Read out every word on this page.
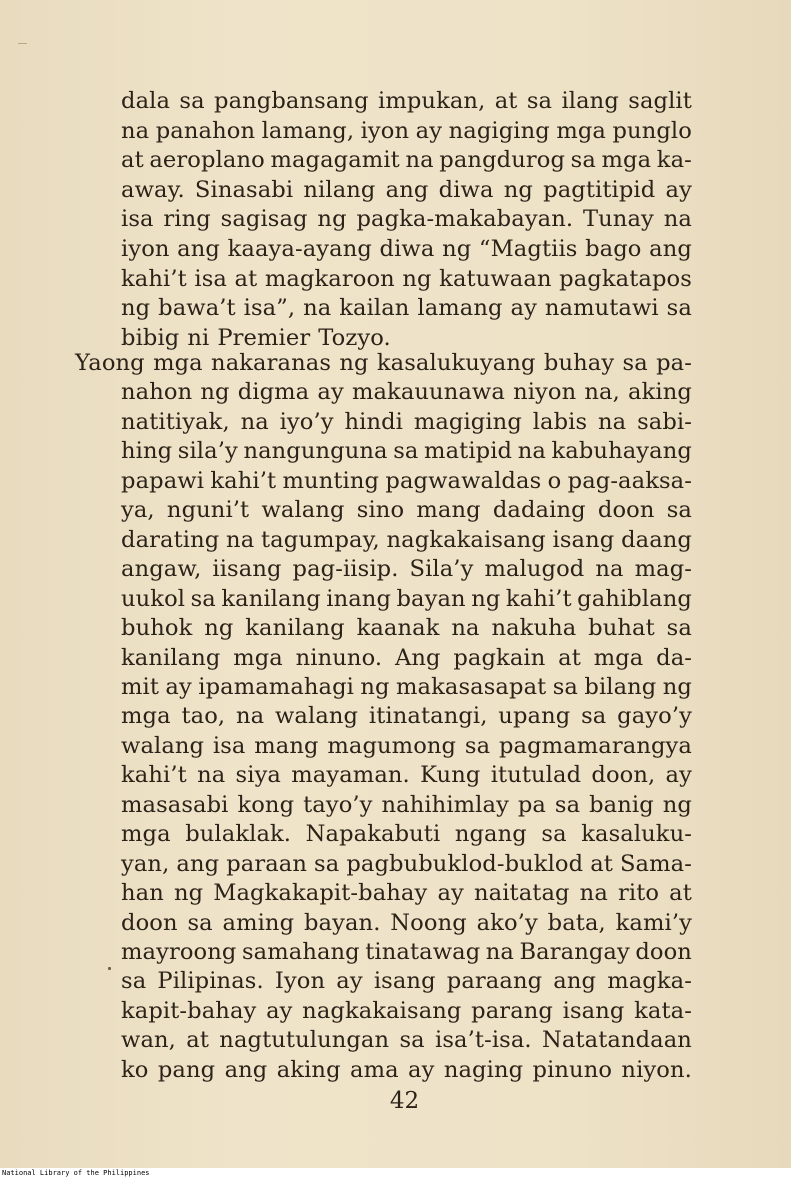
dala sa pangbansang impukan, at sa ilang saglit
na panahon lamang, iyon ay nagiging mga punglo
at aeroplano magagamit na pangdurog sa mga ka-
away. Sinasabi nilang ang diwa ng pagtitipid ay
isa ring sagisag ng pagka-makabayan. Tunay na
iyon ang kaaya-ayang diwa ng “Magtiis bago ang
kahi’t isa at magkaroon ng katuwaan pagkatapos
ng bawa’t isa”, na kailan lamang ay namutawi sa
bibig ni Premier Tozyo.
Yaong mga nakaranas ng kasalukuyang buhay sa pa-
nahon ng digma ay makauunawa niyon na, aking
natitiyak, na iyo’y hindi magiging labis na sabi-
hing sila’y nangunguna sa matipid na kabuhayang
papawi kahi’t munting pagwawaldas o pag-aaksa-
ya, nguni’t walang sino mang dadaing doon sa
darating na tagumpay, nagkakaisang isang daang
angaw, iisang pag-iisip. Sila’y malugod na mag-
uukol sa kanilang inang bayan ng kahi’t gahiblang
buhok ng kanilang kaanak na nakuha buhat sa
kanilang mga ninuno. Ang pagkain at mga da-
mit ay ipamamahagi ng makasasapat sa bilang ng
mga tao, na walang itinatangi, upang sa gayo’y
walang isa mang magumong sa pagmamarangya
kahi’t na siya mayaman. Kung itutulad doon, ay
masasabi kong tayo’y nahihimlay pa sa banig ng
mga bulaklak. Napakabuti ngang sa kasaluku-
yan, ang paraan sa pagbubuklod-buklod at Sama-
han ng Magkakapit-bahay ay naitatag na rito at
doon sa aming bayan. Noong ako’y bata, kami’y
mayroong samahang tinatawag na Barangay doon
sa Pilipinas. Iyon ay isang paraang ang magka-
kapit-bahay ay nagkakaisang parang isang kata-
wan, at nagtutulungan sa isa’t-isa. Natatandaan
ko pang ang aking ama ay naging pinuno niyon.
42
National Library of the Philippines
